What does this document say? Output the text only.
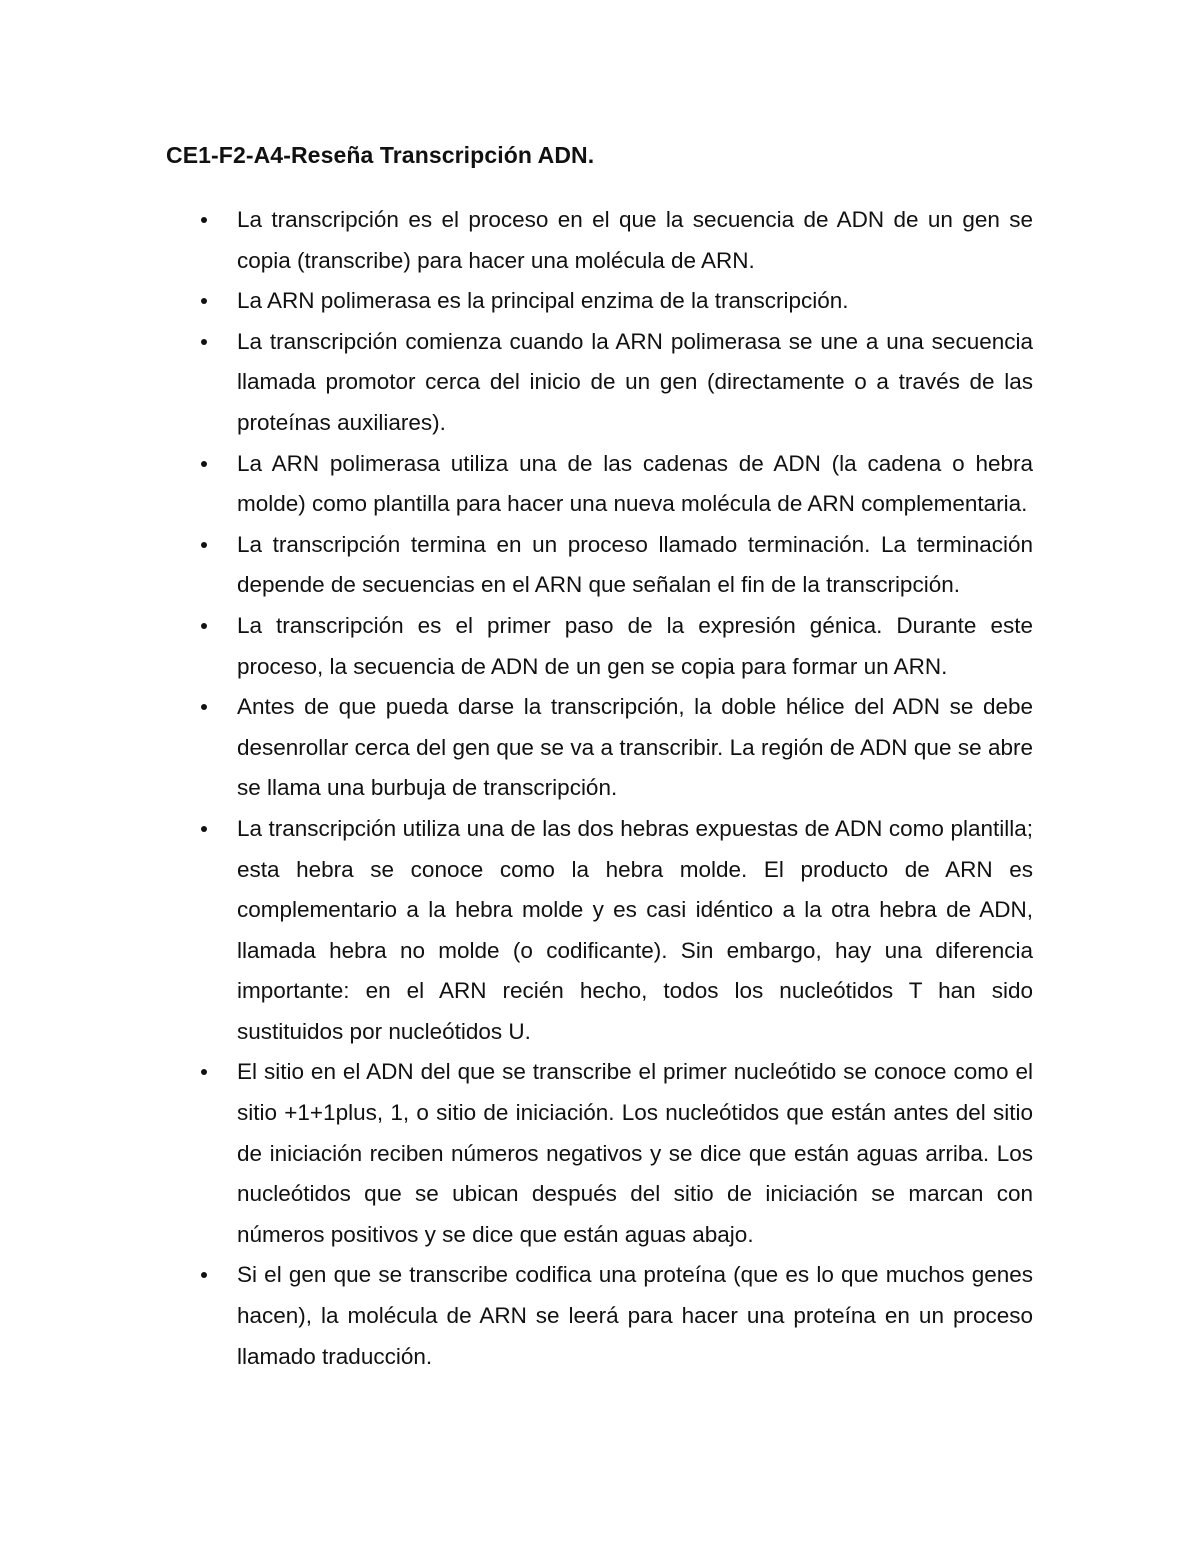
CE1-F2-A4-Reseña Transcripción ADN.
La transcripción es el proceso en el que la secuencia de ADN de un gen se copia (transcribe) para hacer una molécula de ARN.
La ARN polimerasa es la principal enzima de la transcripción.
La transcripción comienza cuando la ARN polimerasa se une a una secuencia llamada promotor cerca del inicio de un gen (directamente o a través de las proteínas auxiliares).
La ARN polimerasa utiliza una de las cadenas de ADN (la cadena o hebra molde) como plantilla para hacer una nueva molécula de ARN complementaria.
La transcripción termina en un proceso llamado terminación. La terminación depende de secuencias en el ARN que señalan el fin de la transcripción.
La transcripción es el primer paso de la expresión génica. Durante este proceso, la secuencia de ADN de un gen se copia para formar un ARN.
Antes de que pueda darse la transcripción, la doble hélice del ADN se debe desenrollar cerca del gen que se va a transcribir. La región de ADN que se abre se llama una burbuja de transcripción.
La transcripción utiliza una de las dos hebras expuestas de ADN como plantilla; esta hebra se conoce como la hebra molde. El producto de ARN es complementario a la hebra molde y es casi idéntico a la otra hebra de ADN, llamada hebra no molde (o codificante). Sin embargo, hay una diferencia importante: en el ARN recién hecho, todos los nucleótidos T han sido sustituidos por nucleótidos U.
El sitio en el ADN del que se transcribe el primer nucleótido se conoce como el sitio +1+1plus, 1, o sitio de iniciación. Los nucleótidos que están antes del sitio de iniciación reciben números negativos y se dice que están aguas arriba. Los nucleótidos que se ubican después del sitio de iniciación se marcan con números positivos y se dice que están aguas abajo.
Si el gen que se transcribe codifica una proteína (que es lo que muchos genes hacen), la molécula de ARN se leerá para hacer una proteína en un proceso llamado traducción.
